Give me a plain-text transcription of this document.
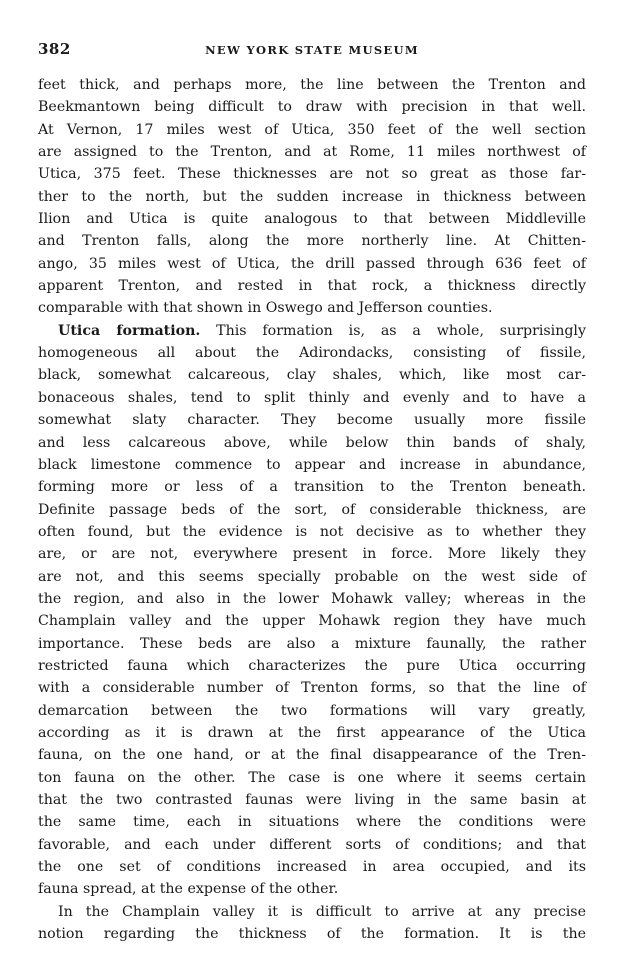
382	NEW YORK STATE MUSEUM
feet thick, and perhaps more, the line between the Trenton and
Beekmantown being difficult to draw with precision in that well.
At Vernon, 17 miles west of Utica, 350 feet of the well section
are assigned to the Trenton, and at Rome, 11 miles northwest of
Utica, 375 feet. These thicknesses are not so great as those far-
ther to the north, but the sudden increase in thickness between
Ilion and Utica is quite analogous to that between Middleville
and Trenton falls, along the more northerly line. At Chitten-
ango, 35 miles west of Utica, the drill passed through 636 feet of
apparent Trenton, and rested in that rock, a thickness directly
comparable with that shown in Oswego and Jefferson counties.
Utica formation. This formation is, as a whole, surprisingly
homogeneous all about the Adirondacks, consisting of fissile,
black, somewhat calcareous, clay shales, which, like most car-
bonaceous shales, tend to split thinly and evenly and to have a
somewhat slaty character. They become usually more fissile
and less calcareous above, while below thin bands of shaly,
black limestone commence to appear and increase in abundance,
forming more or less of a transition to the Trenton beneath.
Definite passage beds of the sort, of considerable thickness, are
often found, but the evidence is not decisive as to whether they
are, or are not, everywhere present in force. More likely they
are not, and this seems specially probable on the west side of
the region, and also in the lower Mohawk valley; whereas in the
Champlain valley and the upper Mohawk region they have much
importance. These beds are also a mixture faunally, the rather
restricted fauna which characterizes the pure Utica occurring
with a considerable number of Trenton forms, so that the line of
demarcation between the two formations will vary greatly,
according as it is drawn at the first appearance of the Utica
fauna, on the one hand, or at the final disappearance of the Tren-
ton fauna on the other. The case is one where it seems certain
that the two contrasted faunas were living in the same basin at
the same time, each in situations where the conditions were
favorable, and each under different sorts of conditions; and that
the one set of conditions increased in area occupied, and its
fauna spread, at the expense of the other.
In the Champlain valley it is difficult to arrive at any precise
notion regarding the thickness of the formation. It is the
